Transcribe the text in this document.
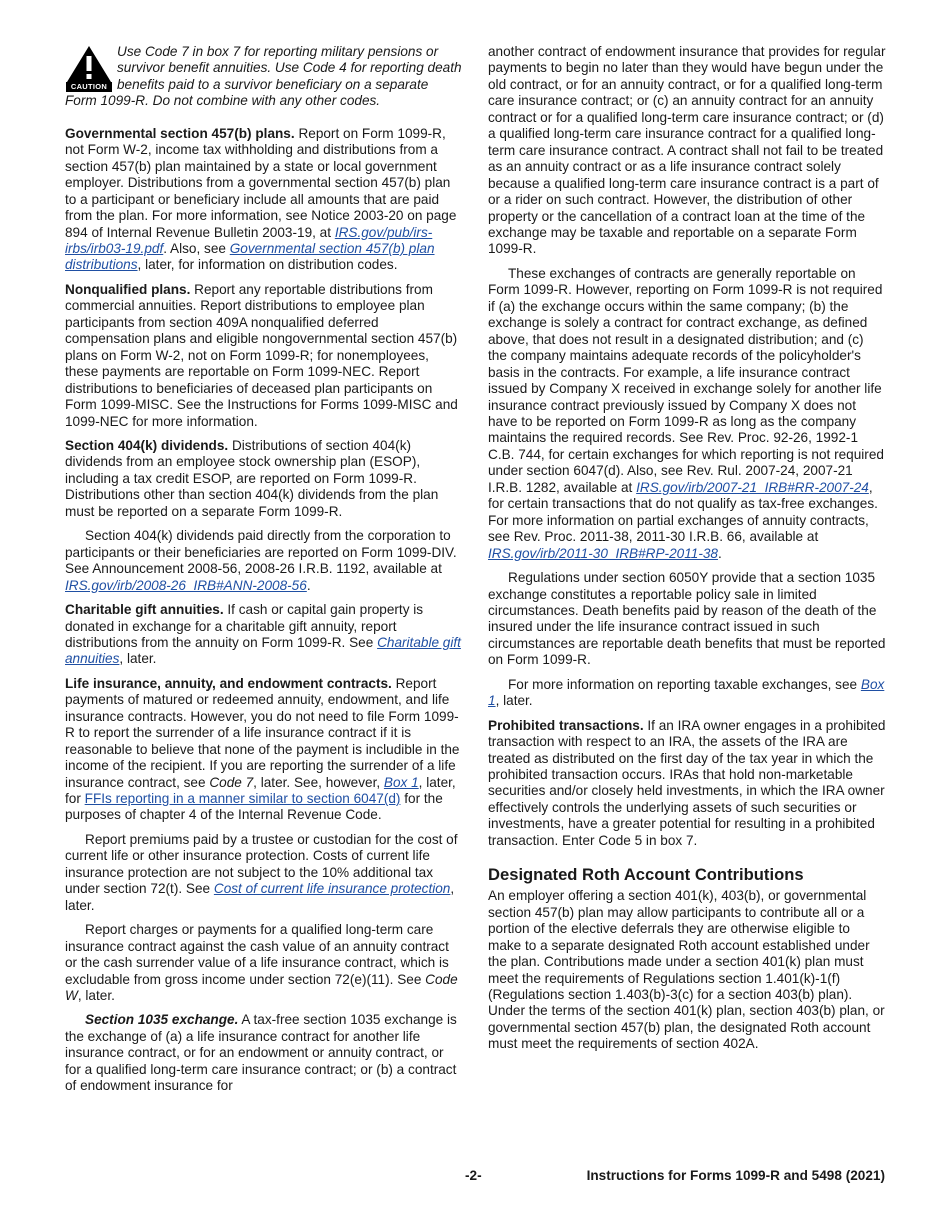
CAUTION
Use Code 7 in box 7 for reporting military pensions or survivor benefit annuities. Use Code 4 for reporting death benefits paid to a survivor beneficiary on a separate Form 1099-R. Do not combine with any other codes.

Governmental section 457(b) plans. Report on Form 1099-R, not Form W-2, income tax withholding and distributions from a section 457(b) plan maintained by a state or local government employer. Distributions from a governmental section 457(b) plan to a participant or beneficiary include all amounts that are paid from the plan. For more information, see Notice 2003-20 on page 894 of Internal Revenue Bulletin 2003-19, at IRS.gov/pub/irs-irbs/irb03-19.pdf. Also, see Governmental section 457(b) plan distributions, later, for information on distribution codes.

Nonqualified plans. Report any reportable distributions from commercial annuities. Report distributions to employee plan participants from section 409A nonqualified deferred compensation plans and eligible nongovernmental section 457(b) plans on Form W-2, not on Form 1099-R; for nonemployees, these payments are reportable on Form 1099-NEC. Report distributions to beneficiaries of deceased plan participants on Form 1099-MISC. See the Instructions for Forms 1099-MISC and 1099-NEC for more information.

Section 404(k) dividends. Distributions of section 404(k) dividends from an employee stock ownership plan (ESOP), including a tax credit ESOP, are reported on Form 1099-R. Distributions other than section 404(k) dividends from the plan must be reported on a separate Form 1099-R.

Section 404(k) dividends paid directly from the corporation to participants or their beneficiaries are reported on Form 1099-DIV. See Announcement 2008-56, 2008-26 I.R.B. 1192, available at IRS.gov/irb/2008-26_IRB#ANN-2008-56.

Charitable gift annuities. If cash or capital gain property is donated in exchange for a charitable gift annuity, report distributions from the annuity on Form 1099-R. See Charitable gift annuities, later.

Life insurance, annuity, and endowment contracts. Report payments of matured or redeemed annuity, endowment, and life insurance contracts. However, you do not need to file Form 1099-R to report the surrender of a life insurance contract if it is reasonable to believe that none of the payment is includible in the income of the recipient. If you are reporting the surrender of a life insurance contract, see Code 7, later. See, however, Box 1, later, for FFIs reporting in a manner similar to section 6047(d) for the purposes of chapter 4 of the Internal Revenue Code.

Report premiums paid by a trustee or custodian for the cost of current life or other insurance protection. Costs of current life insurance protection are not subject to the 10% additional tax under section 72(t). See Cost of current life insurance protection, later.

Report charges or payments for a qualified long-term care insurance contract against the cash value of an annuity contract or the cash surrender value of a life insurance contract, which is excludable from gross income under section 72(e)(11). See Code W, later.

Section 1035 exchange. A tax-free section 1035 exchange is the exchange of (a) a life insurance contract for another life insurance contract, or for an endowment or annuity contract, or for a qualified long-term care insurance contract; or (b) a contract of endowment insurance for

another contract of endowment insurance that provides for regular payments to begin no later than they would have begun under the old contract, or for an annuity contract, or for a qualified long-term care insurance contract; or (c) an annuity contract for an annuity contract or for a qualified long-term care insurance contract; or (d) a qualified long-term care insurance contract for a qualified long-term care insurance contract. A contract shall not fail to be treated as an annuity contract or as a life insurance contract solely because a qualified long-term care insurance contract is a part of or a rider on such contract. However, the distribution of other property or the cancellation of a contract loan at the time of the exchange may be taxable and reportable on a separate Form 1099-R.

These exchanges of contracts are generally reportable on Form 1099-R. However, reporting on Form 1099-R is not required if (a) the exchange occurs within the same company; (b) the exchange is solely a contract for contract exchange, as defined above, that does not result in a designated distribution; and (c) the company maintains adequate records of the policyholder's basis in the contracts. For example, a life insurance contract issued by Company X received in exchange solely for another life insurance contract previously issued by Company X does not have to be reported on Form 1099-R as long as the company maintains the required records. See Rev. Proc. 92-26, 1992-1 C.B. 744, for certain exchanges for which reporting is not required under section 6047(d). Also, see Rev. Rul. 2007-24, 2007-21 I.R.B. 1282, available at IRS.gov/irb/2007-21_IRB#RR-2007-24, for certain transactions that do not qualify as tax-free exchanges. For more information on partial exchanges of annuity contracts, see Rev. Proc. 2011-38, 2011-30 I.R.B. 66, available at IRS.gov/irb/2011-30_IRB#RP-2011-38.

Regulations under section 6050Y provide that a section 1035 exchange constitutes a reportable policy sale in limited circumstances. Death benefits paid by reason of the death of the insured under the life insurance contract issued in such circumstances are reportable death benefits that must be reported on Form 1099-R.

For more information on reporting taxable exchanges, see Box 1, later.

Prohibited transactions. If an IRA owner engages in a prohibited transaction with respect to an IRA, the assets of the IRA are treated as distributed on the first day of the tax year in which the prohibited transaction occurs. IRAs that hold non-marketable securities and/or closely held investments, in which the IRA owner effectively controls the underlying assets of such securities or investments, have a greater potential for resulting in a prohibited transaction. Enter Code 5 in box 7.

Designated Roth Account Contributions

An employer offering a section 401(k), 403(b), or governmental section 457(b) plan may allow participants to contribute all or a portion of the elective deferrals they are otherwise eligible to make to a separate designated Roth account established under the plan. Contributions made under a section 401(k) plan must meet the requirements of Regulations section 1.401(k)-1(f) (Regulations section 1.403(b)-3(c) for a section 403(b) plan). Under the terms of the section 401(k) plan, section 403(b) plan, or governmental section 457(b) plan, the designated Roth account must meet the requirements of section 402A.

-2-	Instructions for Forms 1099-R and 5498 (2021)
